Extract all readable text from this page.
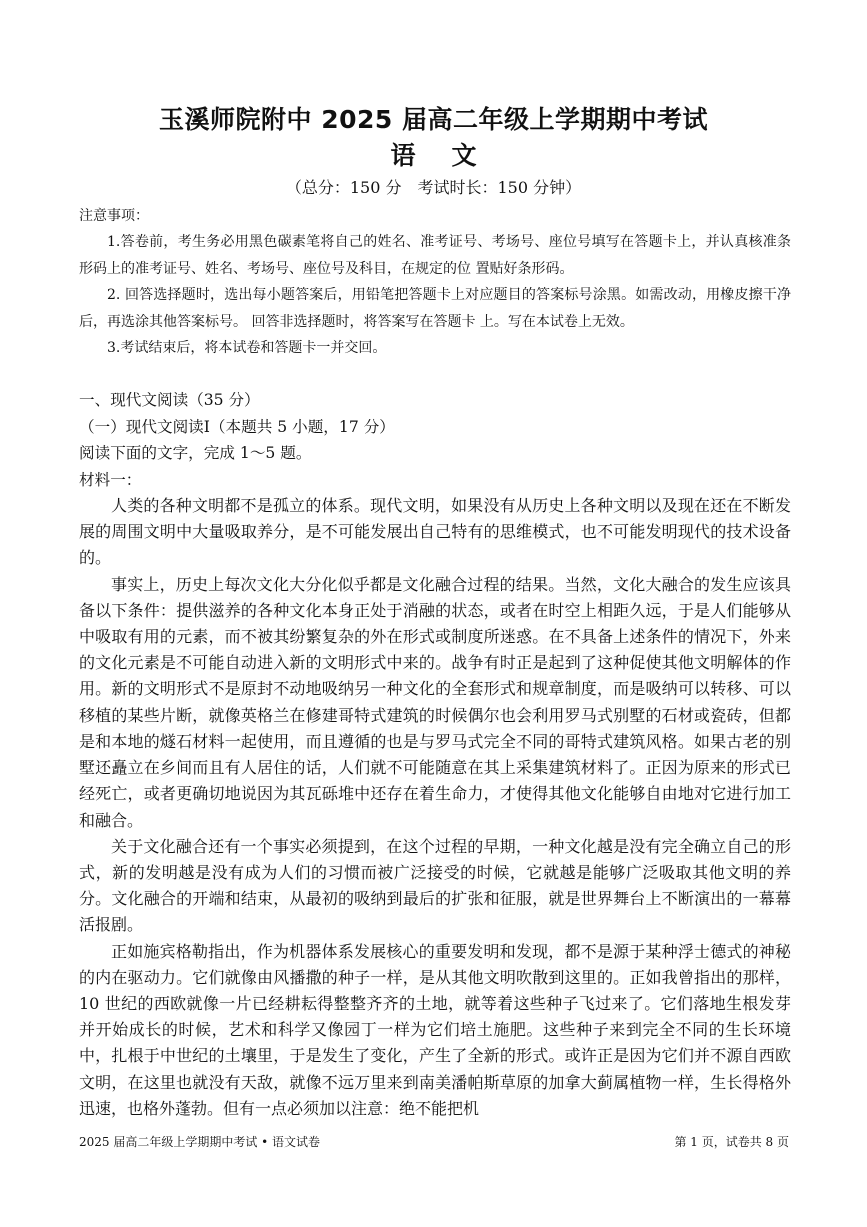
玉溪师院附中 2025 届高二年级上学期期中考试
语文
（总分：150 分　考试时长：150 分钟）

注意事项：

1.答卷前，考生务必用黑色碳素笔将自己的姓名、准考证号、考场号、座位号填写在答题卡上，并认真核准条形码上的准考证号、姓名、考场号、座位号及科目，在规定的位 置贴好条形码。

2. 回答选择题时，选出每小题答案后，用铅笔把答题卡上对应题目的答案标号涂黑。如需改动，用橡皮擦干净后，再选涂其他答案标号。 回答非选择题时，将答案写在答题卡 上。写在本试卷上无效。

3.考试结束后，将本试卷和答题卡一并交回。

一、现代文阅读（35 分）

（一）现代文阅读Ⅰ（本题共 5 小题，17 分）

阅读下面的文字，完成 1～5 题。

材料一：

人类的各种文明都不是孤立的体系。现代文明，如果没有从历史上各种文明以及现在还在不断发展的周围文明中大量吸取养分，是不可能发展出自己特有的思维模式，也不可能发明现代的技术设备的。

事实上，历史上每次文化大分化似乎都是文化融合过程的结果。当然，文化大融合的发生应该具备以下条件：提供滋养的各种文化本身正处于消融的状态，或者在时空上相距久远，于是人们能够从中吸取有用的元素，而不被其纷繁复杂的外在形式或制度所迷惑。在不具备上述条件的情况下，外来的文化元素是不可能自动进入新的文明形式中来的。战争有时正是起到了这种促使其他文明解体的作用。新的文明形式不是原封不动地吸纳另一种文化的全套形式和规章制度，而是吸纳可以转移、可以移植的某些片断，就像英格兰在修建哥特式建筑的时候偶尔也会利用罗马式别墅的石材或瓷砖，但都是和本地的燧石材料一起使用，而且遵循的也是与罗马式完全不同的哥特式建筑风格。如果古老的别墅还矗立在乡间而且有人居住的话，人们就不可能随意在其上采集建筑材料了。正因为原来的形式已经死亡，或者更确切地说因为其瓦砾堆中还存在着生命力，才使得其他文化能够自由地对它进行加工和融合。

关于文化融合还有一个事实必须提到，在这个过程的早期，一种文化越是没有完全确立自己的形式，新的发明越是没有成为人们的习惯而被广泛接受的时候，它就越是能够广泛吸取其他文明的养分。文化融合的开端和结束，从最初的吸纳到最后的扩张和征服，就是世界舞台上不断演出的一幕幕活报剧。

正如施宾格勒指出，作为机器体系发展核心的重要发明和发现，都不是源于某种浮士德式的神秘的内在驱动力。它们就像由风播撒的种子一样，是从其他文明吹散到这里的。正如我曾指出的那样，10 世纪的西欧就像一片已经耕耘得整整齐齐的土地，就等着这些种子飞过来了。它们落地生根发芽并开始成长的时候，艺术和科学又像园丁一样为它们培土施肥。这些种子来到完全不同的生长环境中，扎根于中世纪的土壤里，于是发生了变化，产生了全新的形式。或许正是因为它们并不源自西欧文明，在这里也就没有天敌，就像不远万里来到南美潘帕斯草原的加拿大蓟属植物一样，生长得格外迅速，也格外蓬勃。但有一点必须加以注意：绝不能把机

2025 届高二年级上学期期中考试 • 语文试卷	第 1 页，试卷共 8 页
